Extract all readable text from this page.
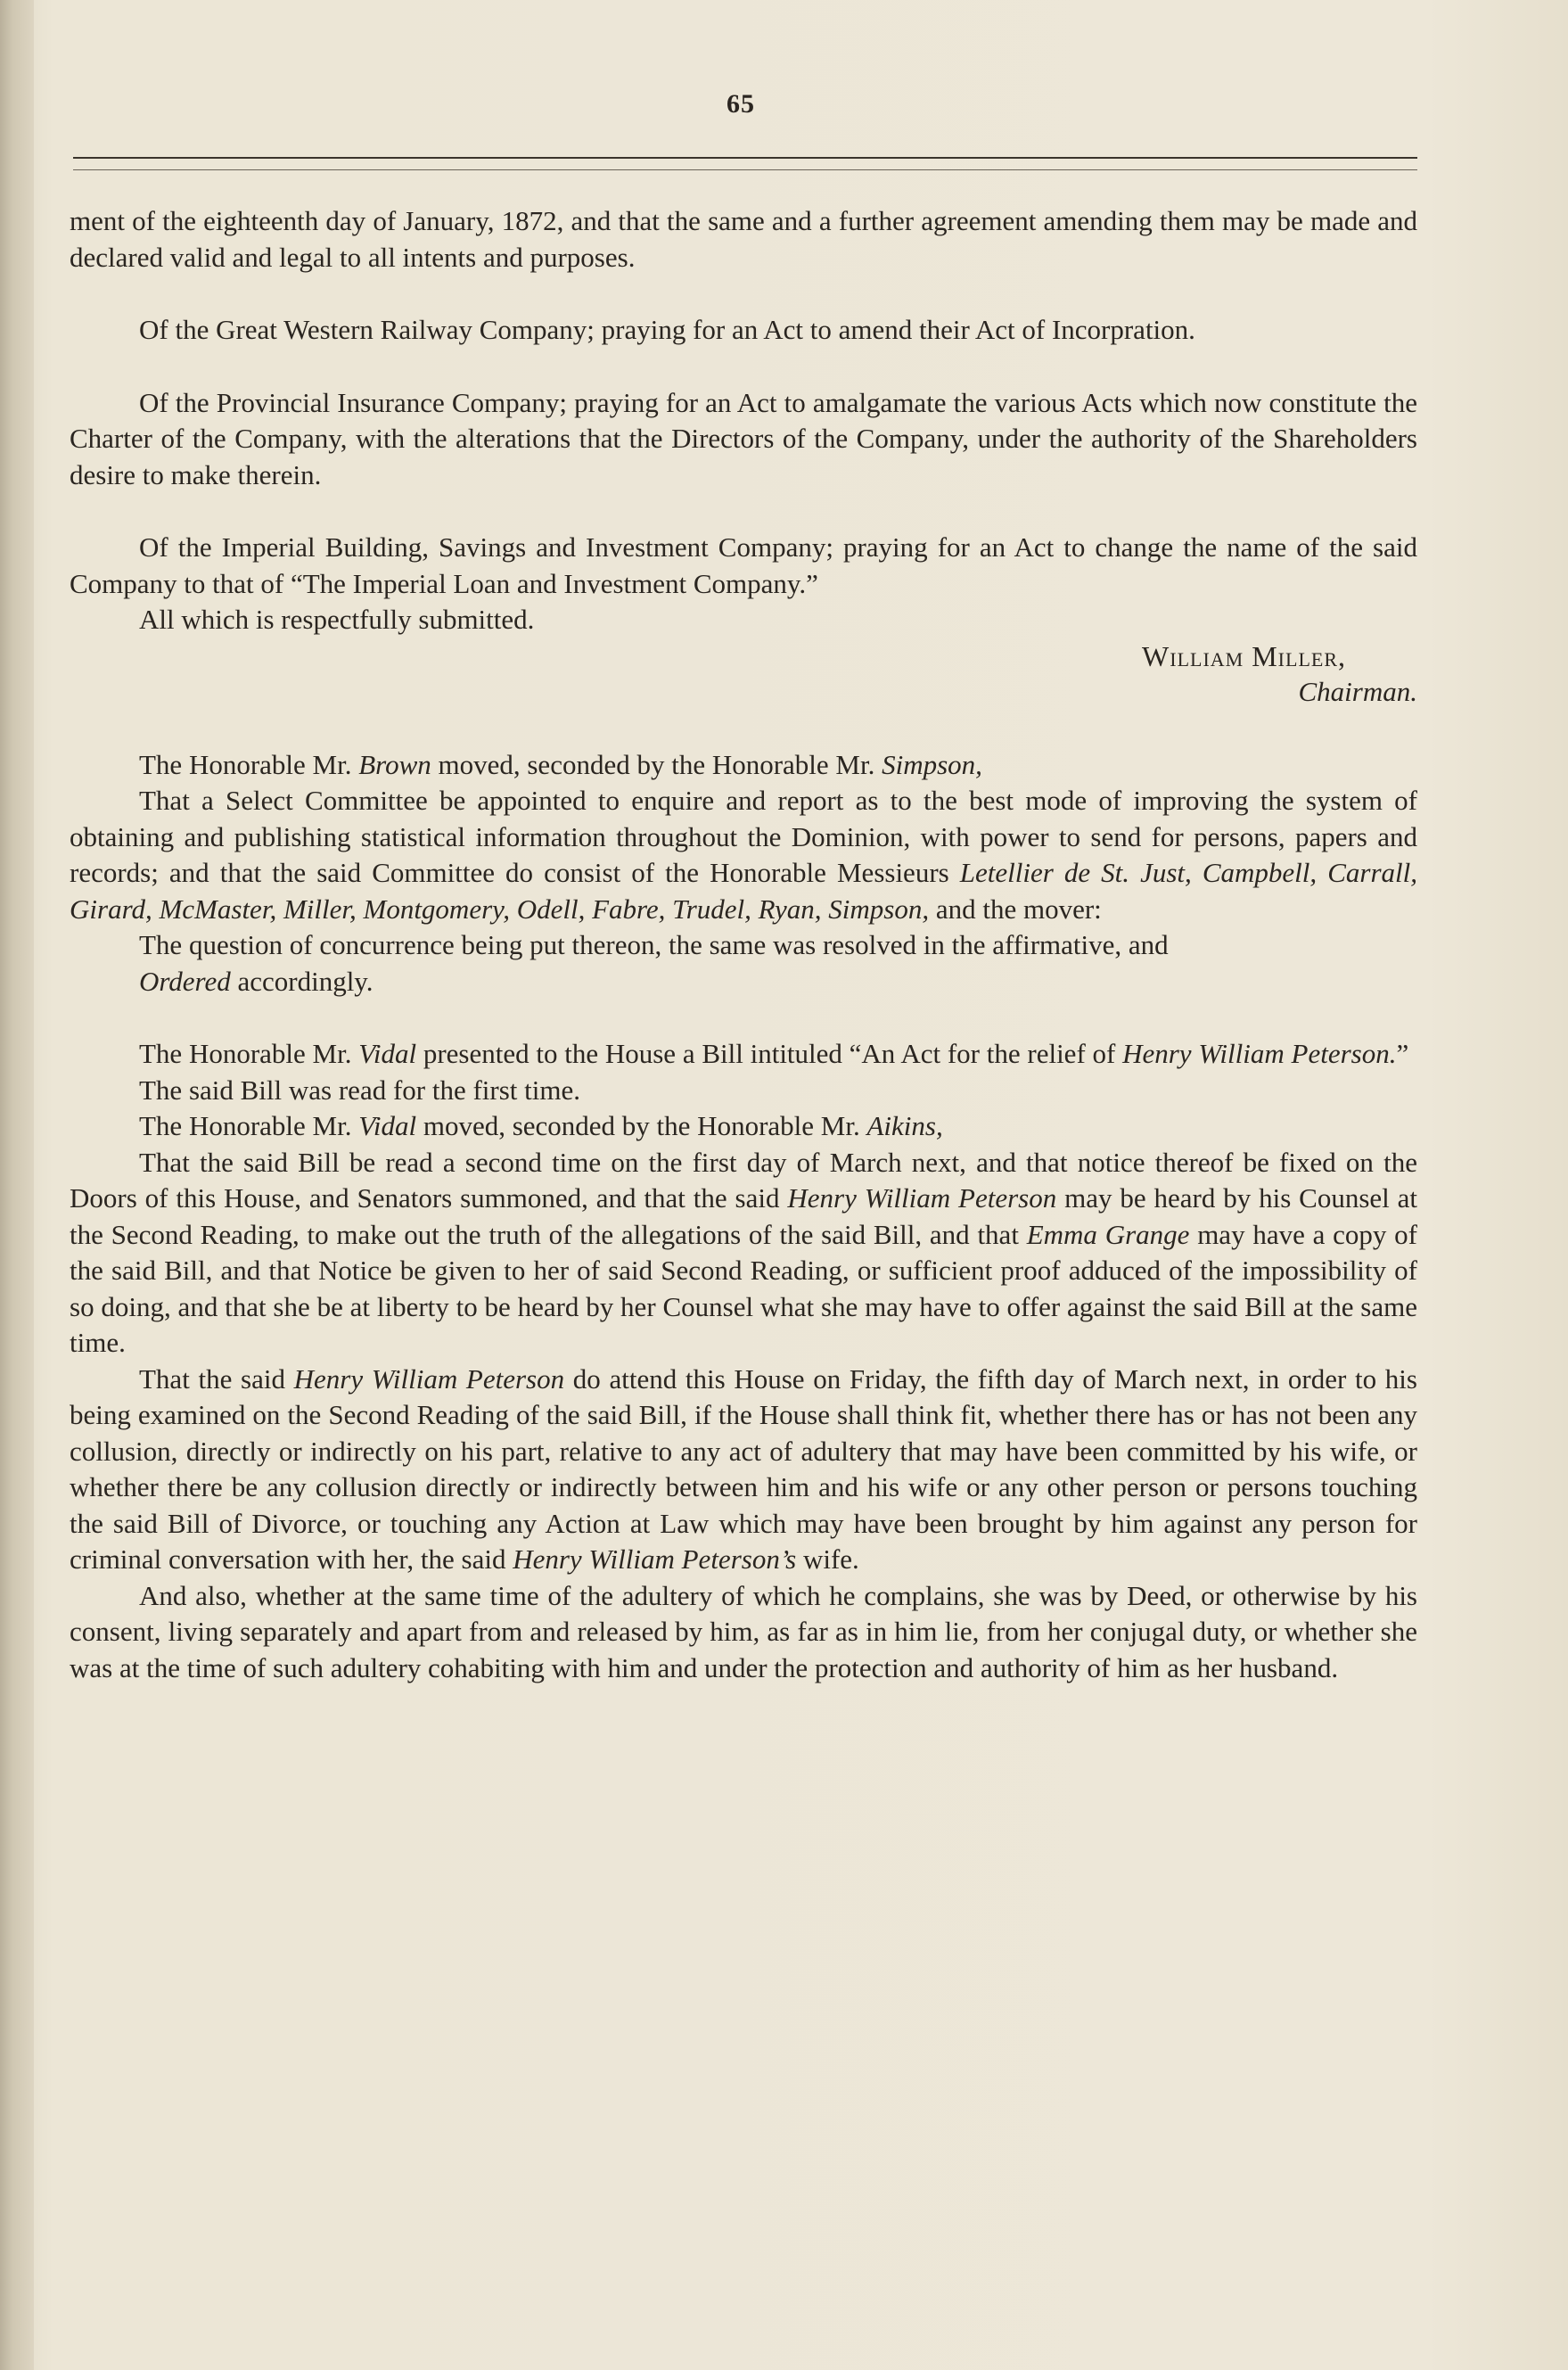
65

ment of the eighteenth day of January, 1872, and that the same and a further agreement amending them may be made and declared valid and legal to all intents and purposes.

Of the Great Western Railway Company; praying for an Act to amend their Act of Incorpration.

Of the Provincial Insurance Company; praying for an Act to amalgamate the various Acts which now constitute the Charter of the Company, with the alterations that the Directors of the Company, under the authority of the Shareholders desire to make therein.

Of the Imperial Building, Savings and Investment Company; praying for an Act to change the name of the said Company to that of “The Imperial Loan and Investment Company.”

All which is respectfully submitted.

William Miller,

Chairman.

The Honorable Mr. Brown moved, seconded by the Honorable Mr. Simpson,

That a Select Committee be appointed to enquire and report as to the best mode of improving the system of obtaining and publishing statistical information throughout the Dominion, with power to send for persons, papers and records; and that the said Committee do consist of the Honorable Messieurs Letellier de St. Just, Campbell, Carrall, Girard, McMaster, Miller, Montgomery, Odell, Fabre, Trudel, Ryan, Simpson, and the mover:

The question of concurrence being put thereon, the same was resolved in the affirmative, and

Ordered accordingly.

The Honorable Mr. Vidal presented to the House a Bill intituled “An Act for the relief of Henry William Peterson.”

The said Bill was read for the first time.

The Honorable Mr. Vidal moved, seconded by the Honorable Mr. Aikins,

That the said Bill be read a second time on the first day of March next, and that notice thereof be fixed on the Doors of this House, and Senators summoned, and that the said Henry William Peterson may be heard by his Counsel at the Second Reading, to make out the truth of the allegations of the said Bill, and that Emma Grange may have a copy of the said Bill, and that Notice be given to her of said Second Reading, or sufficient proof adduced of the impossibility of so doing, and that she be at liberty to be heard by her Counsel what she may have to offer against the said Bill at the same time.

That the said Henry William Peterson do attend this House on Friday, the fifth day of March next, in order to his being examined on the Second Reading of the said Bill, if the House shall think fit, whether there has or has not been any collusion, directly or indirectly on his part, relative to any act of adultery that may have been committed by his wife, or whether there be any collusion directly or indirectly between him and his wife or any other person or persons touching the said Bill of Divorce, or touching any Action at Law which may have been brought by him against any person for criminal conversation with her, the said Henry William Peterson’s wife.

And also, whether at the same time of the adultery of which he complains, she was by Deed, or otherwise by his consent, living separately and apart from and released by him, as far as in him lie, from her conjugal duty, or whether she was at the time of such adultery cohabiting with him and under the protection and authority of him as her husband.
